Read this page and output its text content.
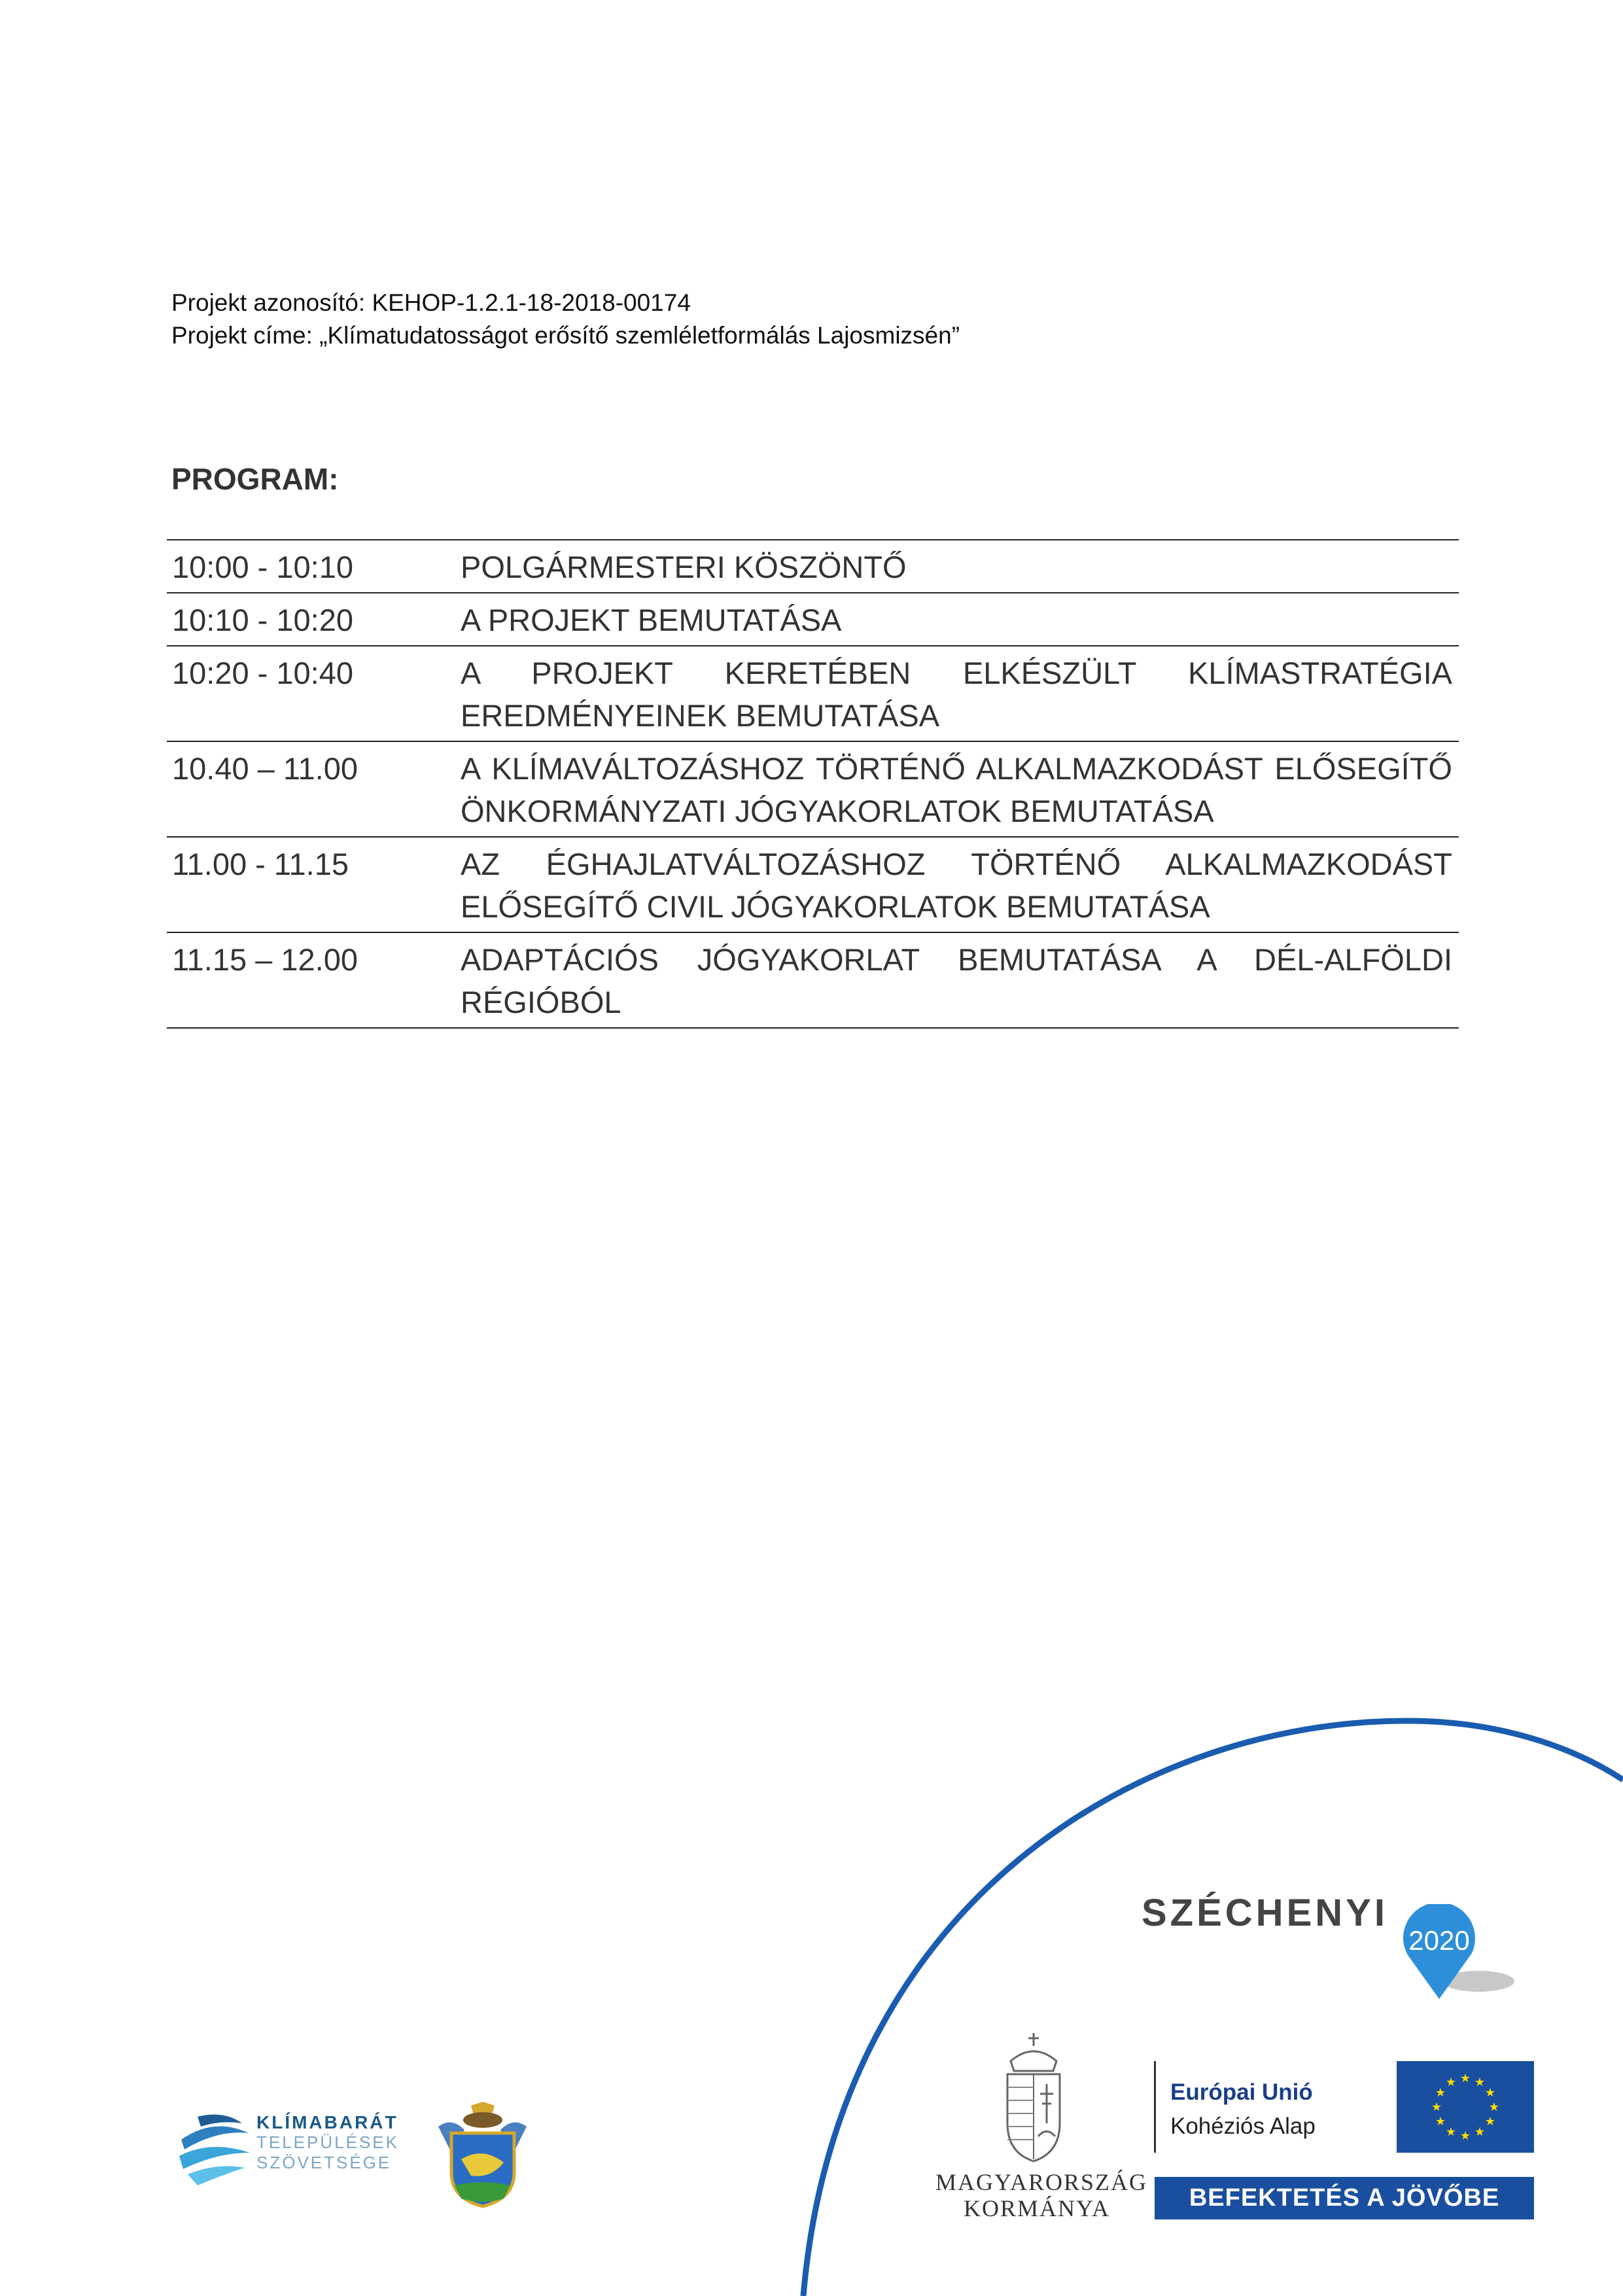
Projekt azonosító: KEHOP-1.2.1-18-2018-00174
Projekt címe: „Klímatudatosságot erősítő szemléletformálás Lajosmizsén”
PROGRAM:
10:00 - 10:10	POLGÁRMESTERI KÖSZÖNTŐ
10:10 - 10:20	A PROJEKT BEMUTATÁSA
10:20 - 10:40	A PROJEKT KERETÉBEN ELKÉSZÜLT KLÍMASTRATÉGIA EREDMÉNYEINEK BEMUTATÁSA
10.40 – 11.00	A KLÍMAVÁLTOZÁSHOZ TÖRTÉNŐ ALKALMAZKODÁST ELŐSEGÍTŐ ÖNKORMÁNYZATI JÓGYAKORLATOK BEMUTATÁSA
11.00 - 11.15	AZ ÉGHAJLATVÁLTOZÁSHOZ TÖRTÉNŐ ALKALMAZKODÁST ELŐSEGÍTŐ CIVIL JÓGYAKORLATOK BEMUTATÁSA
11.15 – 12.00	ADAPTÁCIÓS JÓGYAKORLAT BEMUTATÁSA A DÉL-ALFÖLDI RÉGIÓBÓL
KLÍMABARÁT
TELEPÜLÉSEK
SZÖVETSÉGE
SZÉCHENYI
2020
MAGYARORSZÁG
KORMÁNYA
Európai Unió
Kohéziós Alap
★ ★
★
★
★
★
★
★
★
★
★
★
BEFEKTETÉS A JÖVŐBE
